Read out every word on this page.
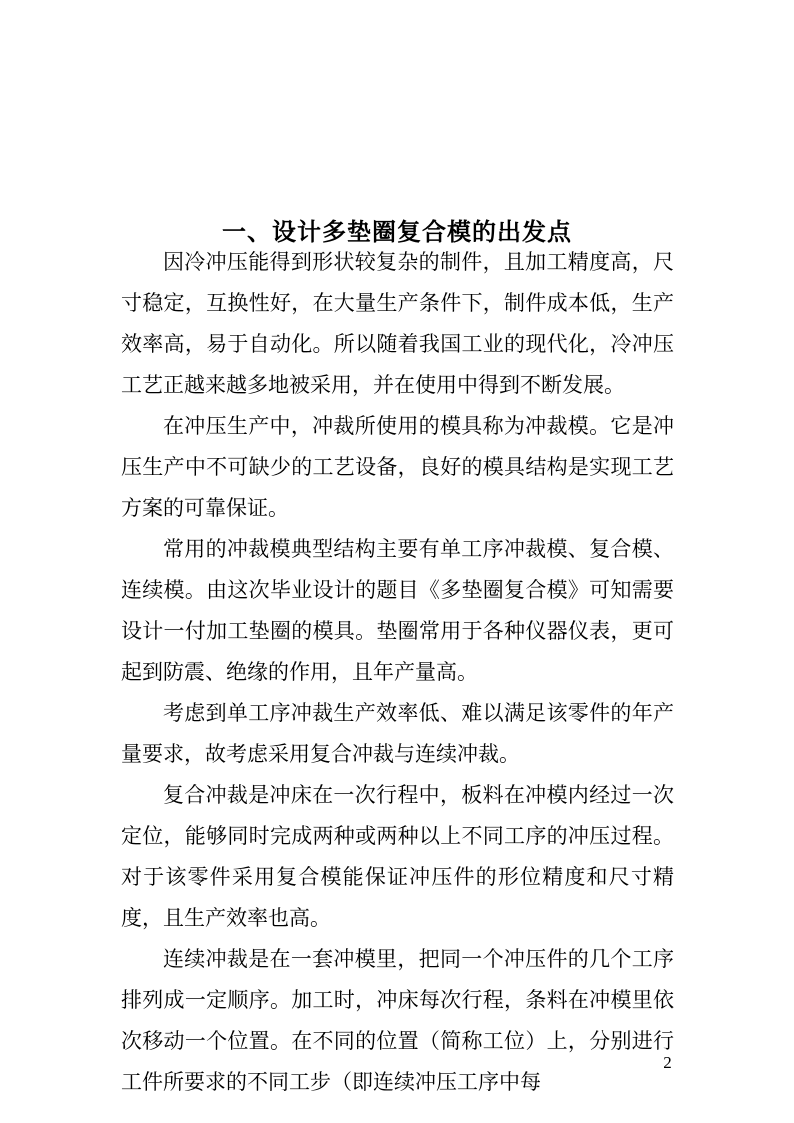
一、设计多垫圈复合模的出发点

因冷冲压能得到形状较复杂的制件，且加工精度高，尺寸稳定，互换性好，在大量生产条件下，制件成本低，生产效率高，易于自动化。所以随着我国工业的现代化，冷冲压工艺正越来越多地被采用，并在使用中得到不断发展。

在冲压生产中，冲裁所使用的模具称为冲裁模。它是冲压生产中不可缺少的工艺设备，良好的模具结构是实现工艺方案的可靠保证。

常用的冲裁模典型结构主要有单工序冲裁模、复合模、连续模。由这次毕业设计的题目《多垫圈复合模》可知需要设计一付加工垫圈的模具。垫圈常用于各种仪器仪表，更可起到防震、绝缘的作用，且年产量高。

考虑到单工序冲裁生产效率低、难以满足该零件的年产量要求，故考虑采用复合冲裁与连续冲裁。

复合冲裁是冲床在一次行程中，板料在冲模内经过一次定位，能够同时完成两种或两种以上不同工序的冲压过程。对于该零件采用复合模能保证冲压件的形位精度和尺寸精度，且生产效率也高。

连续冲裁是在一套冲模里，把同一个冲压件的几个工序排列成一定顺序。加工时，冲床每次行程，条料在冲模里依次移动一个位置。在不同的位置（简称工位）上，分别进行工件所要求的不同工步（即连续冲压工序中每

2
